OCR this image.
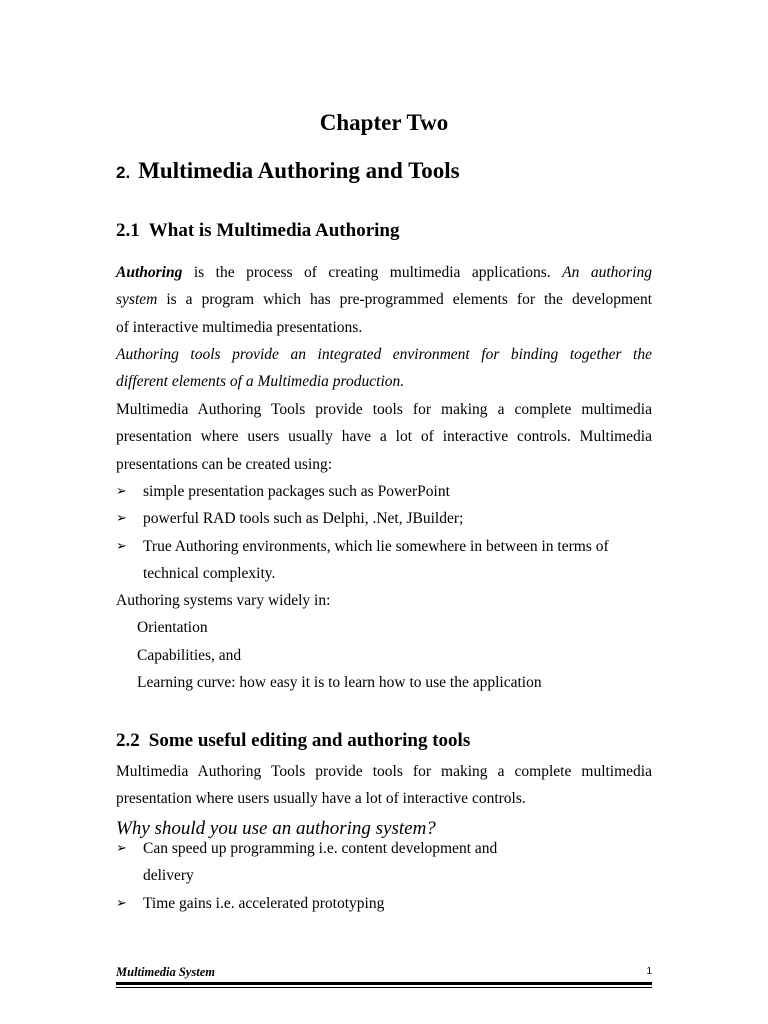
Chapter Two
2. Multimedia Authoring and Tools
2.1 What is Multimedia Authoring
Authoring is the process of creating multimedia applications. An authoring
system is a program which has pre-programmed elements for the development
of interactive multimedia presentations.
Authoring tools provide an integrated environment for binding together the
different elements of a Multimedia production.
Multimedia Authoring Tools provide tools for making a complete multimedia
presentation where users usually have a lot of interactive controls. Multimedia
presentations can be created using:
➢ simple presentation packages such as PowerPoint
➢ powerful RAD tools such as Delphi, .Net, JBuilder;
➢ True Authoring environments, which lie somewhere in between in terms of
technical complexity.
Authoring systems vary widely in:
Orientation
Capabilities, and
Learning curve: how easy it is to learn how to use the application
2.2 Some useful editing and authoring tools
Multimedia Authoring Tools provide tools for making a complete multimedia
presentation where users usually have a lot of interactive controls.
Why should you use an authoring system?
➢ Can speed up programming i.e. content development and
delivery
➢ Time gains i.e. accelerated prototyping
Multimedia System	1
